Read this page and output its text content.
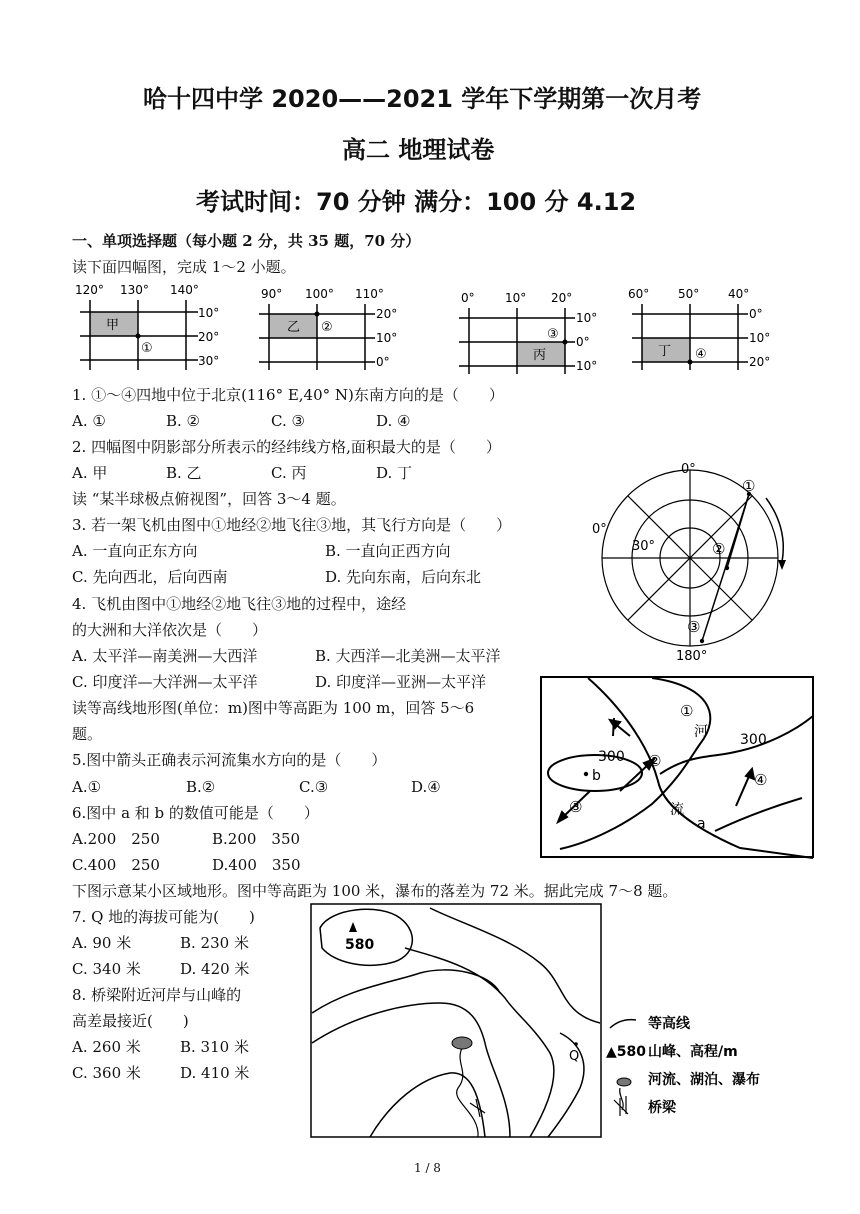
哈十四中学 2020——2021 学年下学期第一次月考
高二 地理试卷
考试时间：70 分钟 满分：100 分 4.12
一、单项选择题（每小题 2 分，共 35 题，70 分）
读下面四幅图，完成 1～2 小题。
120° 130° 140°
甲
①
10°
20°
30°
90° 100° 110°
乙 ②
20°
10°
0°
0°	10° 20°
丙
③
10°
0°
10°
60° 50° 40°
丁 ④
0°
10°
20°
1. ①～④四地中位于北京(116° E,40° N)东南方向的是（　　）
A. ①	B. ②	C. ③	D. ④
2. 四幅图中阴影部分所表示的经纬线方格,面积最大的是（　　）
A. 甲	B. 乙	C. 丙	D. 丁
读 “某半球极点俯视图”，回答 3～4 题。
3. 若一架飞机由图中①地经②地飞往③地，其飞行方向是（　　）
A. 一直向正东方向	B. 一直向正西方向
C. 先向西北，后向西南	D. 先向东南，后向东北
4. 飞机由图中①地经②地飞往③地的过程中，途经
的大洲和大洋依次是（　　）
A. 太平洋—南美洲—大西洋	B. 大西洋—北美洲—太平洋
C. 印度洋—大洋洲—太平洋	D. 印度洋—亚洲—太平洋
0°
0°
30°
180°
①
②
③
读等高线地形图(单位：m)图中等高距为 100 m，回答 5～6
题。
300
300
河
流
a
b
①
②
③
④
5.图中箭头正确表示河流集水方向的是（　　）
A.①	B.②	C.③	D.④
6.图中 a 和 b 的数值可能是（　　）
A.200　250	B.200　350
C.400　250	D.400　350
下图示意某小区域地形。图中等高距为 100 米，瀑布的落差为 72 米。据此完成 7～8 题。
7. Q 地的海拔可能为(　　)
A. 90 米	B. 230 米
C. 340 米	D. 420 米
8. 桥梁附近河岸与山峰的
高差最接近(　　)
A. 260 米	B. 310 米
C. 360 米	D. 410 米
580
Q
等高线
▲580 山峰、高程/m
河流、湖泊、瀑布
桥梁
1 / 8
